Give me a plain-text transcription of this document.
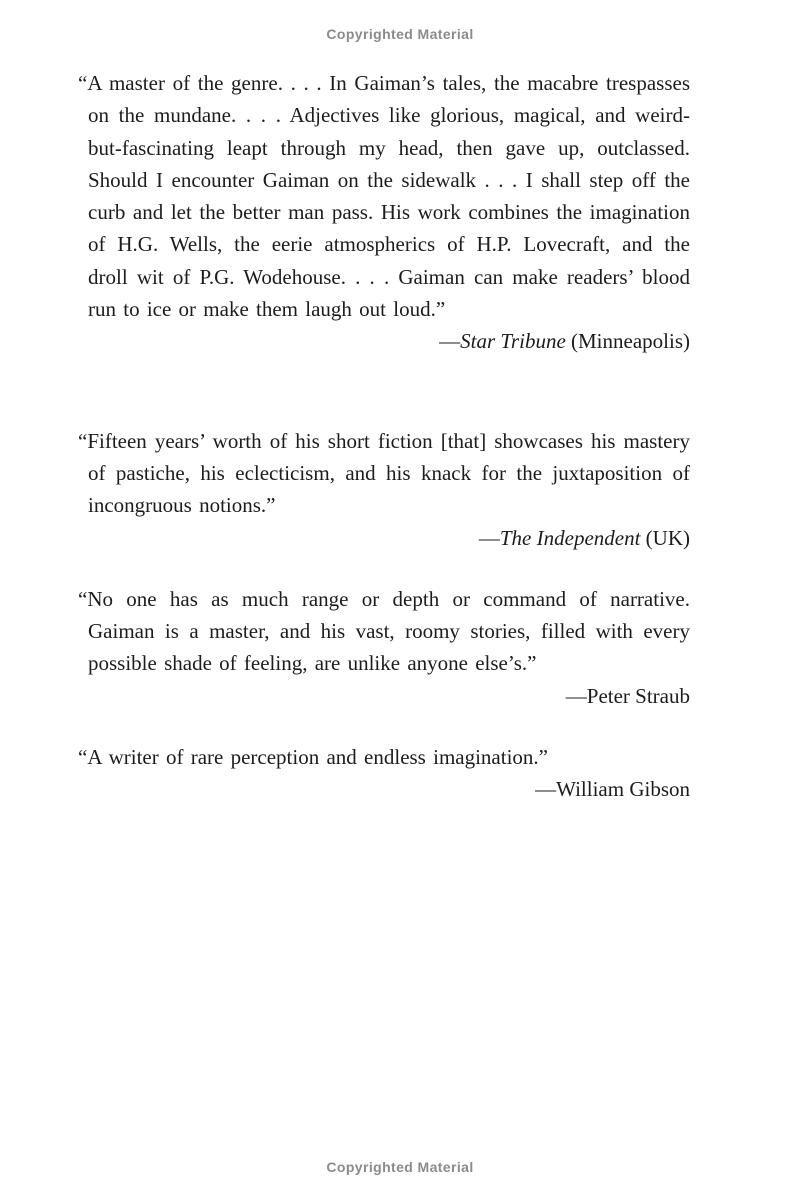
Copyrighted Material
“A master of the genre. . . . In Gaiman’s tales, the macabre trespasses on the mundane. . . . Adjectives like glorious, magical, and weird-but-fascinating leapt through my head, then gave up, outclassed. Should I encounter Gaiman on the sidewalk . . . I shall step off the curb and let the better man pass. His work combines the imagination of H.G. Wells, the eerie atmospherics of H.P. Lovecraft, and the droll wit of P.G. Wodehouse. . . . Gaiman can make readers’ blood run to ice or make them laugh out loud.”
—Star Tribune (Minneapolis)
“Fifteen years’ worth of his short fiction [that] showcases his mastery of pastiche, his eclecticism, and his knack for the juxtaposition of incongruous notions.”
—The Independent (UK)
“No one has as much range or depth or command of narrative. Gaiman is a master, and his vast, roomy stories, filled with every possible shade of feeling, are unlike anyone else’s.”
—Peter Straub
“A writer of rare perception and endless imagination.”
—William Gibson
Copyrighted Material
